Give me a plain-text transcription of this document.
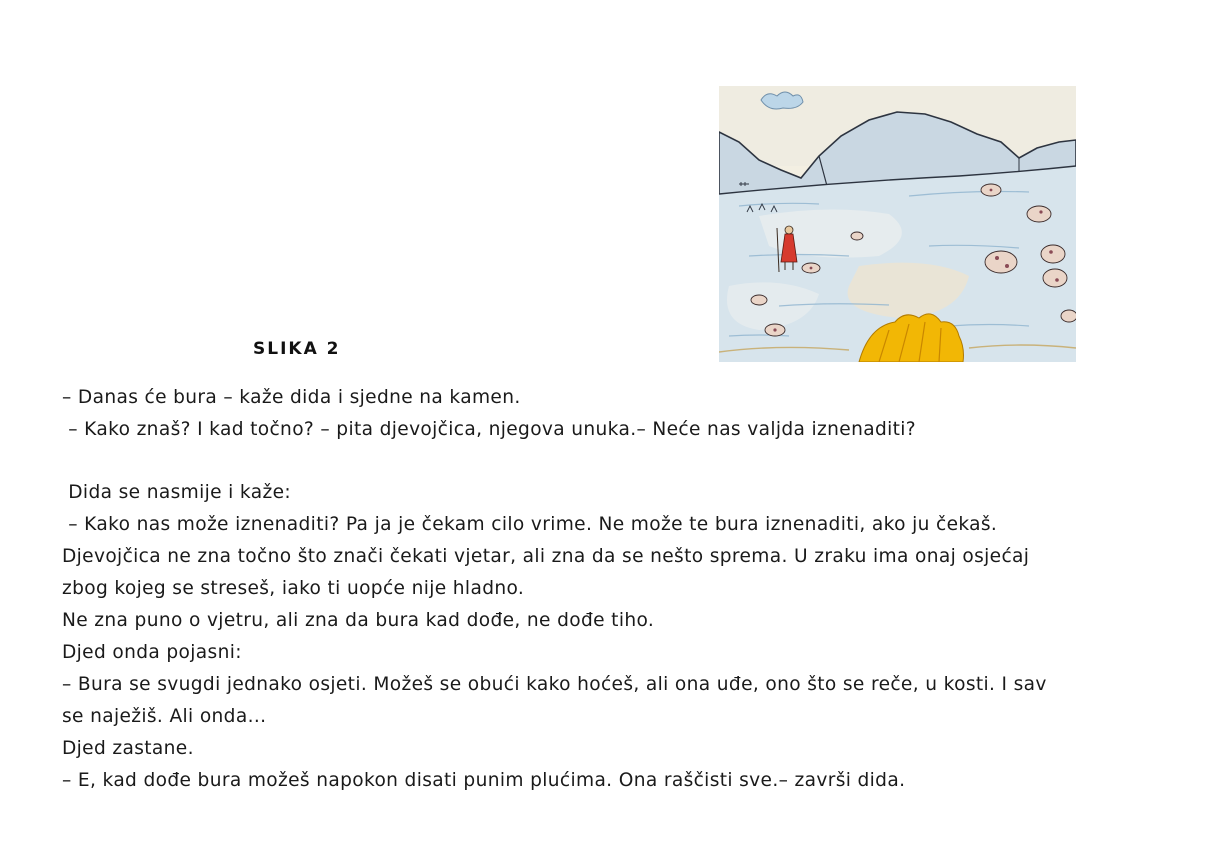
SLIKA 2

– Danas će bura – kaže dida i sjedne na kamen.

– Kako znaš? I kad točno? – pita djevojčica, njegova unuka.– Neće nas valjda iznenaditi?

Dida se nasmije i kaže:

– Kako nas može iznenaditi? Pa ja je čekam cilo vrime. Ne može te bura iznenaditi, ako ju čekaš.

Djevojčica ne zna točno što znači čekati vjetar, ali zna da se nešto sprema. U zraku ima onaj osjećaj

zbog kojeg se streseš, iako ti uopće nije hladno.

Ne zna puno o vjetru, ali zna da bura kad dođe, ne dođe tiho.

Djed onda pojasni:

– Bura se svugdi jednako osjeti. Možeš se obući kako hoćeš, ali ona uđe, ono što se reče, u kosti. I sav

se naježiš. Ali onda...

Djed zastane.

– E, kad dođe bura možeš napokon disati punim plućima. Ona raščisti sve.– završi dida.
